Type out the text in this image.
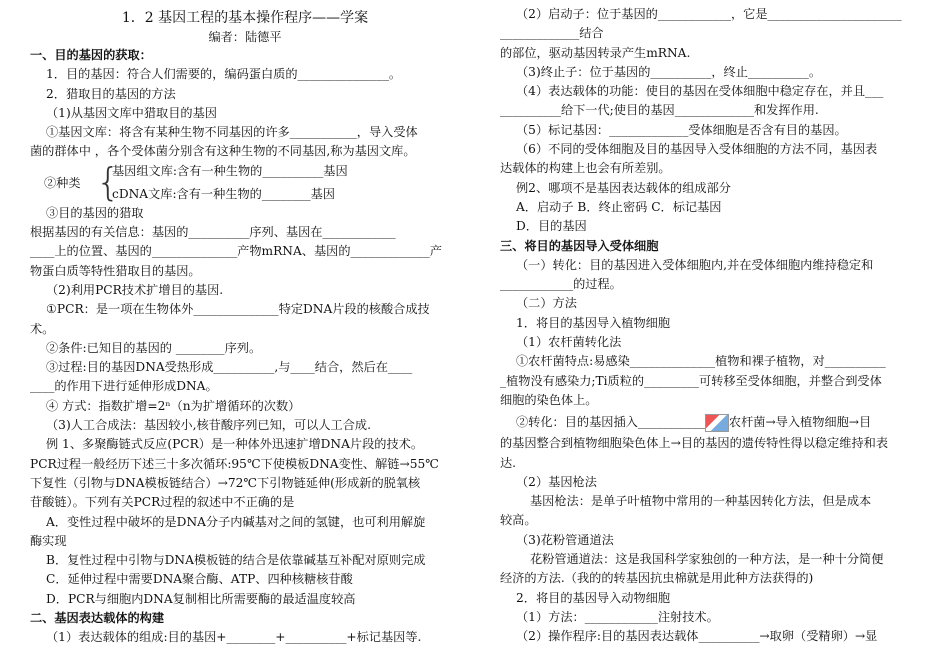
1．2 基因工程的基本操作程序——学案
编者：陆德平
一、目的基因的获取：
1．目的基因：符合人们需要的，编码蛋白质的_______________。
2．猎取目的基因的方法
（1)从基因文库中猎取目的基因
①基因文库：将含有某种生物不同基因的许多___________，导入受体
菌的群体中 ，各个受体菌分别含有这种生物的不同基因,称为基因文库。
②种类 {
基因组文库:含有一种生物的__________基因
cDNA文库:含有一种生物的________基因
③目的基因的猎取
根据基因的有关信息：基因的__________序列、基因在____________
____上的位置、基因的______________产物mRNA、基因的_____________产
物蛋白质等特性猎取目的基因。
（2)利用PCR技术扩增目的基因.
①PCR：是一项在生物体外______________特定DNA片段的核酸合成技
术。
②条件:已知目的基因的 ________序列。
③过程:目的基因DNA受热形成__________,与____结合，然后在____
____的作用下进行延伸形成DNA。
④ 方式：指数扩增=2ⁿ（n为扩增循环的次数）
（3)人工合成法：基因较小,核苷酸序列已知，可以人工合成.
例 1、多聚酶链式反应(PCR）是一种体外迅速扩增DNA片段的技术。
PCR过程一般经历下述三十多次循环:95℃下使模板DNA变性、解链→55℃
下复性（引物与DNA模板链结合）→72℃下引物链延伸(形成新的脱氧核
苷酸链）。下列有关PCR过程的叙述中不正确的是
A．变性过程中破坏的是DNA分子内碱基对之间的氢键，也可利用解旋
酶实现
B．复性过程中引物与DNA模板链的结合是依靠碱基互补配对原则完成
C．延伸过程中需要DNA聚合酶、ATP、四种核糖核苷酸
D．PCR与细胞内DNA复制相比所需要酶的最适温度较高
二、基因表达载体的构建
（1）表达载体的组成:目的基因+________+__________+标记基因等.
（2）启动子：位于基因的____________，它是______________________
_____________结合
的部位，驱动基因转录产生mRNA.
（3)终止子：位于基因的__________，终止__________。
（4）表达载体的功能：使目的基因在受体细胞中稳定存在，并且___
__________给下一代;使目的基因_____________和发挥作用.
（5）标记基因：_____________受体细胞是否含有目的基因。
（6）不同的受体细胞及目的基因导入受体细胞的方法不同，基因表
达载体的构建上也会有所差别。
例2、哪项不是基因表达载体的组成部分
A．启动子 B．终止密码 C．标记基因
D．目的基因
三、将目的基因导入受体细胞
（一）转化：目的基因进入受体细胞内,并在受体细胞内维持稳定和
____________的过程。
（二）方法
1．将目的基因导入植物细胞
（1）农杆菌转化法
①农杆菌特点:易感染______________植物和裸子植物，对__________
_植物没有感染力;Ti质粒的_________可转移至受体细胞，并整合到受体
细胞的染色体上。
②转化：目的基因插入___________ 农杆菌→导入植物细胞→目
的基因整合到植物细胞染色体上→目的基因的遗传特性得以稳定维持和表
达.
（2）基因枪法
基因枪法：是单子叶植物中常用的一种基因转化方法，但是成本
较高。
（3)花粉管通道法
花粉管通道法：这是我国科学家独创的一种方法，是一种十分简便
经济的方法.（我的的转基因抗虫棉就是用此种方法获得的)
2．将目的基因导入动物细胞
（1）方法：____________注射技术。
（2）操作程序:目的基因表达载体__________→取卵（受精卵）→显
